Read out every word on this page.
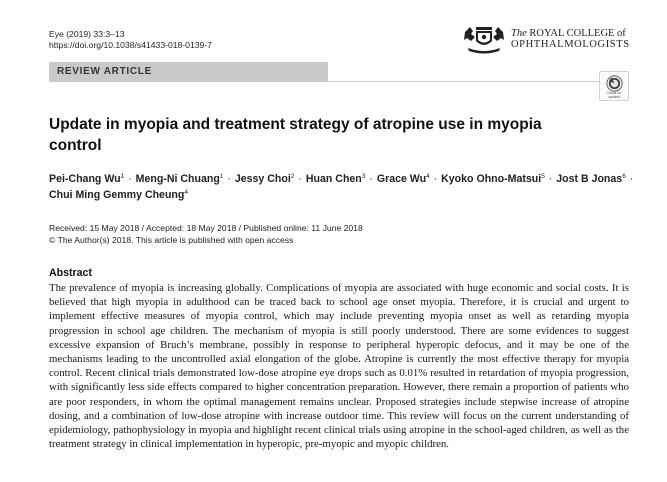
Eye (2019) 33:3–13
https://doi.org/10.1038/s41433-018-0139-7
The ROYAL COLLEGE of
OPHTHALMOLOGISTS
REVIEW ARTICLE
Check for
updates
Update in myopia and treatment strategy of atropine use in myopia control
Pei-Chang $Wu^1$ · Meng-Ni Chuang$^1$ · Jessy Choi$^2$ · Huan Chen$^3$ · Grace $Wu^4$ · Kyoko Ohno-Matsui$^5$ · Jost B Jonas$^6$ · Chui Ming Gemmy Cheung$^4$
Received: 15 May 2018 / Accepted: 18 May 2018 / Published online: 11 June 2018
© The Author(s) 2018. This article is published with open access
Abstract

The prevalence of myopia is increasing globally. Complications of myopia are associated with huge economic and social costs. It is believed that high myopia in adulthood can be traced back to school age onset myopia. Therefore, it is crucial and urgent to implement effective measures of myopia control, which may include preventing myopia onset as well as retarding myopia progression in school age children. The mechanism of myopia is still poorly understood. There are some evidences to suggest excessive expansion of Bruch’s membrane, possibly in response to peripheral hyperopic defocus, and it may be one of the mechanisms leading to the uncontrolled axial elongation of the globe. Atropine is currently the most effective therapy for myopia control. Recent clinical trials demonstrated low-dose atropine eye drops such as 0.01% resulted in retardation of myopia progression, with significantly less side effects compared to higher concentration preparation. However, there remain a proportion of patients who are poor responders, in whom the optimal management remains unclear. Proposed strategies include stepwise increase of atropine dosing, and a combination of low-dose atropine with increase outdoor time. This review will focus on the current understanding of epidemiology, pathophysiology in myopia and highlight recent clinical trials using atropine in the school-aged children, as well as the treatment strategy in clinical implementation in hyperopic, pre-myopic and myopic children.
